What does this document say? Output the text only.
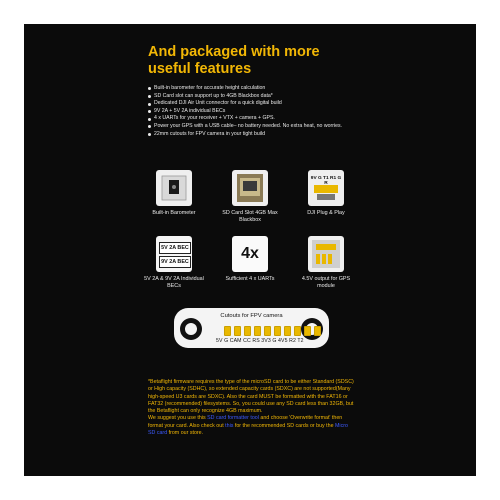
And packaged with more useful features
Built-in barometer for accurate height calculation
SD Card slot can support up to 4GB Blackbox data*
Dedicated DJI Air Unit connector for a quick digital build
9V 2A + 5V 2A individual BECs
4 x UARTs for your receiver + VTX + camera + GPS.
Power your GPS with a USB cable– no battery needed. No extra heat, no worries.
22mm cutouts for FPV camera in your tight build
Built-in Barometer	SD Card Slot 4GB Max Blackbox
9V G T1 R1 G R
DJI Plug & Play
5V 2A BEC
9V 2A BEC
5V 2A & 9V 2A Individual BECs
4x
Sufficient 4 x UARTs	4.5V output for GPS module
Cutouts for FPV camera
5V G CAM CC RS 3V3 G 4V5 R2 T2

*Betaflight firmware requires the type of the microSD card to be either Standard (SDSC) or High capacity (SDHC), so extended capacity cards (SDXC) are not supported(Many high-speed U3 cards are SDXC). Also the card MUST be formatted with the FAT16 or FAT32 (recommended) filesystems. So, you could use any SD card less than 32GB, but the Betaflight can only recognize 4GB maximum.

We suggest you use this SD card formatter tool and choose 'Overwrite format' then format your card. Also check out this for the recommended SD cards or buy the Micro SD card from our store.
